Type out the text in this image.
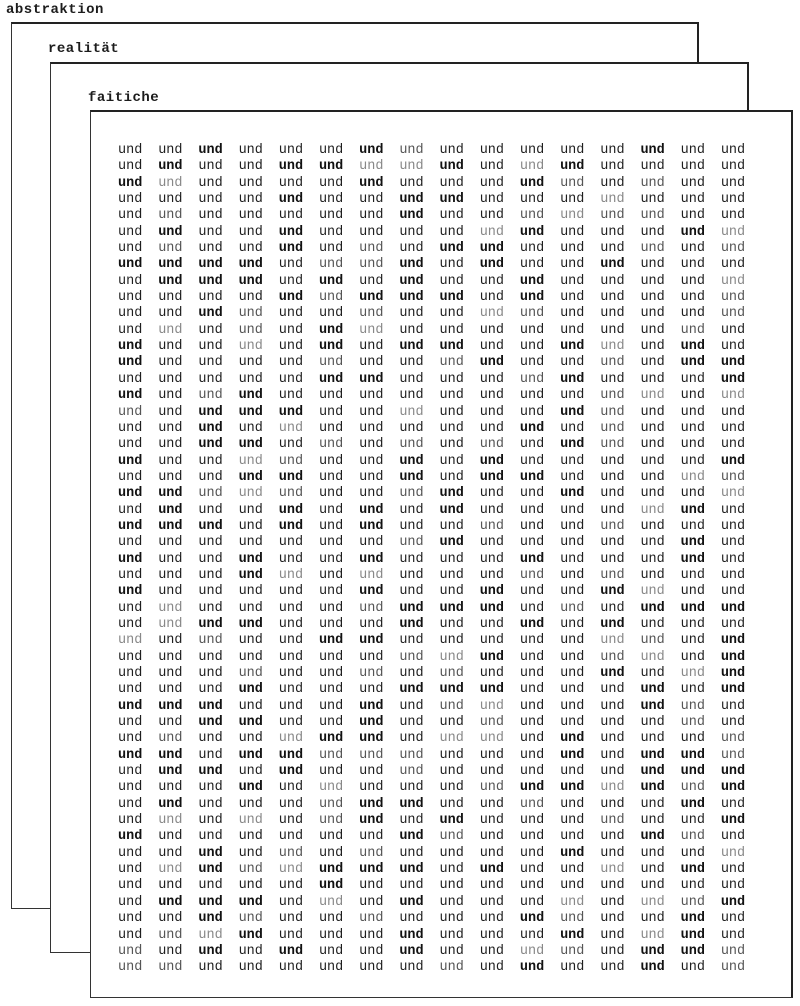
abstraktion
realität
faitiche
und	und	und	und	und	und	und	und	und	und	und	und	und	und	und	und
und	und	und	und	und	und	und	und	und	und	und	und	und	und	und	und
und	und	und	und	und	und	und	und	und	und	und	und	und	und	und	und
und	und	und	und	und	und	und	und	und	und	und	und	und	und	und	und
und	und	und	und	und	und	und	und	und	und	und	und	und	und	und	und
und	und	und	und	und	und	und	und	und	und	und	und	und	und	und	und
und	und	und	und	und	und	und	und	und	und	und	und	und	und	und	und
und	und	und	und	und	und	und	und	und	und	und	und	und	und	und	und
und	und	und	und	und	und	und	und	und	und	und	und	und	und	und	und
und	und	und	und	und	und	und	und	und	und	und	und	und	und	und	und
und	und	und	und	und	und	und	und	und	und	und	und	und	und	und	und
und	und	und	und	und	und	und	und	und	und	und	und	und	und	und	und
und	und	und	und	und	und	und	und	und	und	und	und	und	und	und	und
und	und	und	und	und	und	und	und	und	und	und	und	und	und	und	und
und	und	und	und	und	und	und	und	und	und	und	und	und	und	und	und
und	und	und	und	und	und	und	und	und	und	und	und	und	und	und	und
und	und	und	und	und	und	und	und	und	und	und	und	und	und	und	und
und	und	und	und	und	und	und	und	und	und	und	und	und	und	und	und
und	und	und	und	und	und	und	und	und	und	und	und	und	und	und	und
und	und	und	und	und	und	und	und	und	und	und	und	und	und	und	und
und	und	und	und	und	und	und	und	und	und	und	und	und	und	und	und
und	und	und	und	und	und	und	und	und	und	und	und	und	und	und	und
und	und	und	und	und	und	und	und	und	und	und	und	und	und	und	und
und	und	und	und	und	und	und	und	und	und	und	und	und	und	und	und
und	und	und	und	und	und	und	und	und	und	und	und	und	und	und	und
und	und	und	und	und	und	und	und	und	und	und	und	und	und	und	und
und	und	und	und	und	und	und	und	und	und	und	und	und	und	und	und
und	und	und	und	und	und	und	und	und	und	und	und	und	und	und	und
und	und	und	und	und	und	und	und	und	und	und	und	und	und	und	und
und	und	und	und	und	und	und	und	und	und	und	und	und	und	und	und
und	und	und	und	und	und	und	und	und	und	und	und	und	und	und	und
und	und	und	und	und	und	und	und	und	und	und	und	und	und	und	und
und	und	und	und	und	und	und	und	und	und	und	und	und	und	und	und
und	und	und	und	und	und	und	und	und	und	und	und	und	und	und	und
und	und	und	und	und	und	und	und	und	und	und	und	und	und	und	und
und	und	und	und	und	und	und	und	und	und	und	und	und	und	und	und
und	und	und	und	und	und	und	und	und	und	und	und	und	und	und	und
und	und	und	und	und	und	und	und	und	und	und	und	und	und	und	und
und	und	und	und	und	und	und	und	und	und	und	und	und	und	und	und
und	und	und	und	und	und	und	und	und	und	und	und	und	und	und	und
und	und	und	und	und	und	und	und	und	und	und	und	und	und	und	und
und	und	und	und	und	und	und	und	und	und	und	und	und	und	und	und
und	und	und	und	und	und	und	und	und	und	und	und	und	und	und	und
und	und	und	und	und	und	und	und	und	und	und	und	und	und	und	und
und	und	und	und	und	und	und	und	und	und	und	und	und	und	und	und
und	und	und	und	und	und	und	und	und	und	und	und	und	und	und	und
und	und	und	und	und	und	und	und	und	und	und	und	und	und	und	und
und	und	und	und	und	und	und	und	und	und	und	und	und	und	und	und
und	und	und	und	und	und	und	und	und	und	und	und	und	und	und	und
und	und	und	und	und	und	und	und	und	und	und	und	und	und	und	und
und	und	und	und	und	und	und	und	und	und	und	und	und	und	und	und
